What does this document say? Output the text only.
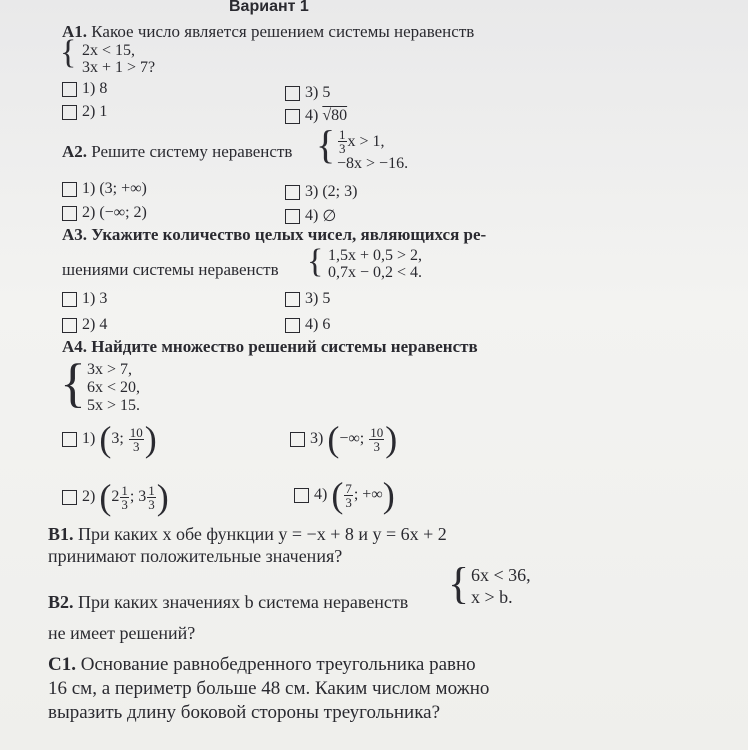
Вариант 1
А1. Какое число является решением системы неравенств
{ 2x < 15,
3x + 1 > 7?
1)
8
2)
1
3)
5
4)
√80
А2. Решите систему неравенств { $\frac{1}{3}$ x > 1,
−8x > −16.
1)
(3; +∞)
2)
(−∞; 2)
3)
(2; 3)
4)
∅
А3. Укажите количество целых чисел, являющихся ре-
шениями системы неравенств { 1,5x + 0,5 > 2,
0,7x − 0,2 < 4.
1)
3
2)
4
3)
5
4)
6
А4. Найдите множество решений системы неравенств
{ 3x > 7,
6x < 20,
5x > 15.
1)
( 3;
$\frac{10}{3}$ )
2)
( $2 \frac{1}{3}$ ; $3 \frac{1}{3}$ )
3)
( −∞;
$\frac{10}{3}$ )
4)
( $\frac{7}{3}$ ; +∞ )
В1. При каких x обе функции y = −x + 8 и y = 6x + 2
принимают положительные значения?
В2. При каких значениях b система неравенств { 6x < 36,
x > b.
не имеет решений?
С1. Основание равнобедренного треугольника равно
16 см, а периметр больше 48 см. Каким числом можно
выразить длину боковой стороны треугольника?
